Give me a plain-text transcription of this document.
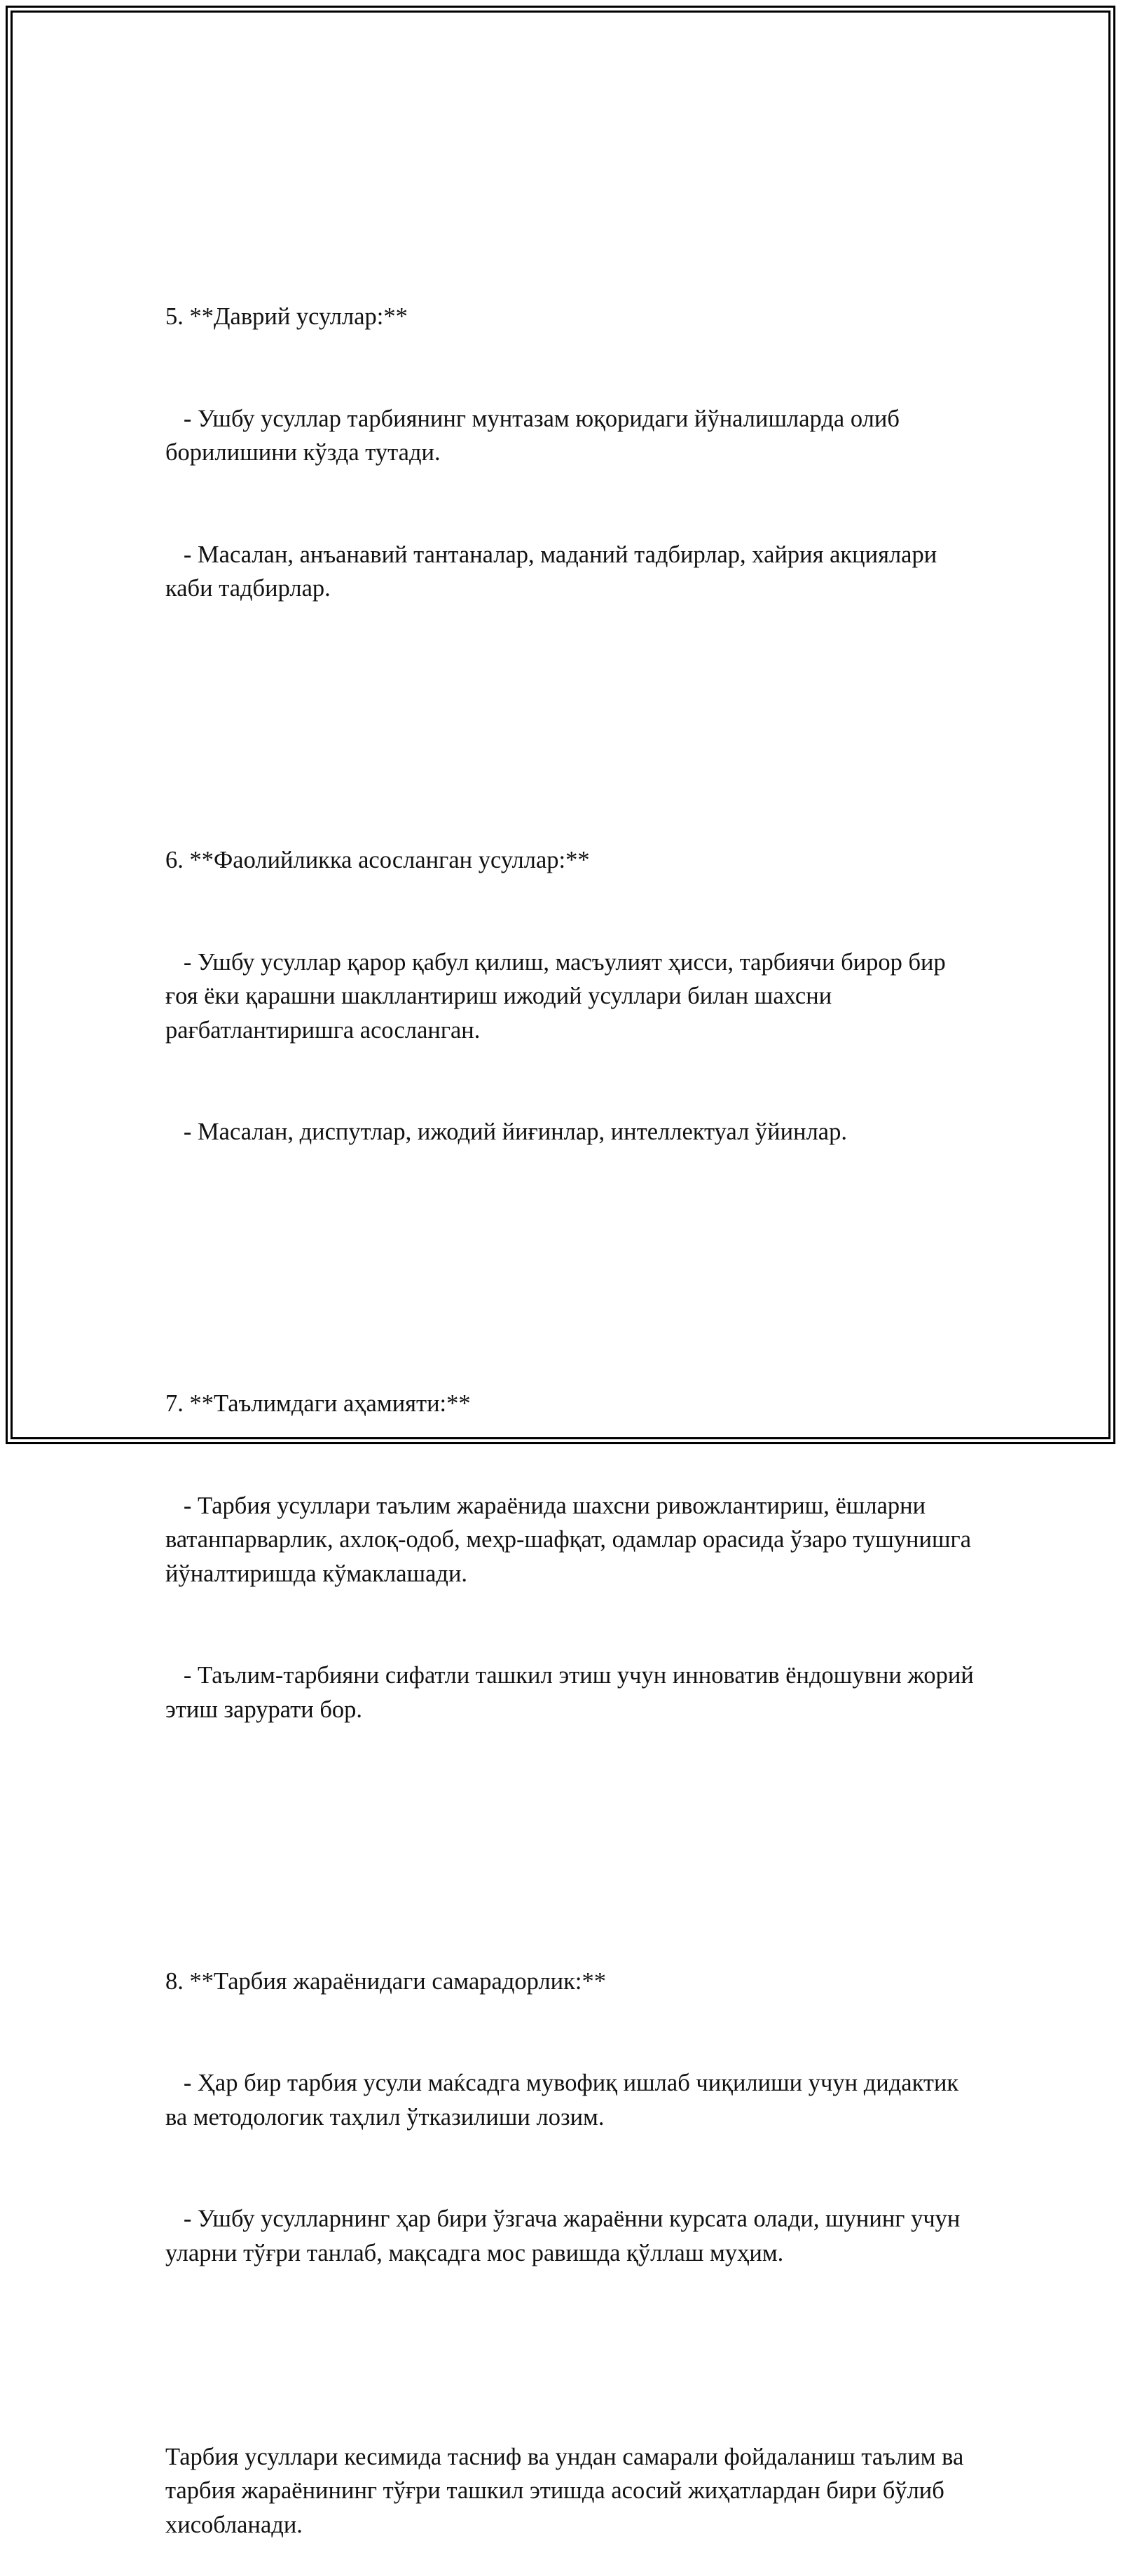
5. **Даврий усуллар:**

- Ушбу усуллар тарбиянинг мунтазам юқоридаги йўналишларда олиб борилишини кўзда тутади.

- Масалан, анъанавий тантаналар, маданий тадбирлар, хайрия акциялари каби тадбирлар.

6. **Фаолийликка асосланган усуллар:**

- Ушбу усуллар қарор қабул қилиш, масъулият ҳисси, тарбиячи бирор бир ғоя ёки қарашни шакллантириш ижодий усуллари билан шахсни рағбатлантиришга асосланган.

- Масалан, диспутлар, ижодий йиғинлар, интеллектуал ўйинлар.

7. **Таълимдаги аҳамияти:**

- Тарбия усуллари таълим жараёнида шахсни ривожлантириш, ёшларни ватанпарварлик, ахлоқ-одоб, меҳр-шафқат, одамлар орасида ўзаро тушунишга йўналтиришда кўмаклашади.

- Таълим-тарбияни сифатли ташкил этиш учун инноватив ёндошувни жорий этиш зарурати бор.

8. **Тарбия жараёнидаги самарадорлик:**

- Ҳар бир тарбия усули маќсадга мувофиқ ишлаб чиқилиши учун дидактик ва методологик таҳлил ўтказилиши лозим.

- Ушбу усулларнинг ҳар бири ўзгача жараённи курсата олади, шунинг учун уларни тўғри танлаб, мақсадга мос равишда қўллаш муҳим.

Тарбия усуллари кесимида тасниф ва ундан самарали фойдаланиш таълим ва тарбия жараёнининг тўғри ташкил этишда асосий жиҳатлардан бири бўлиб хисобланади.
